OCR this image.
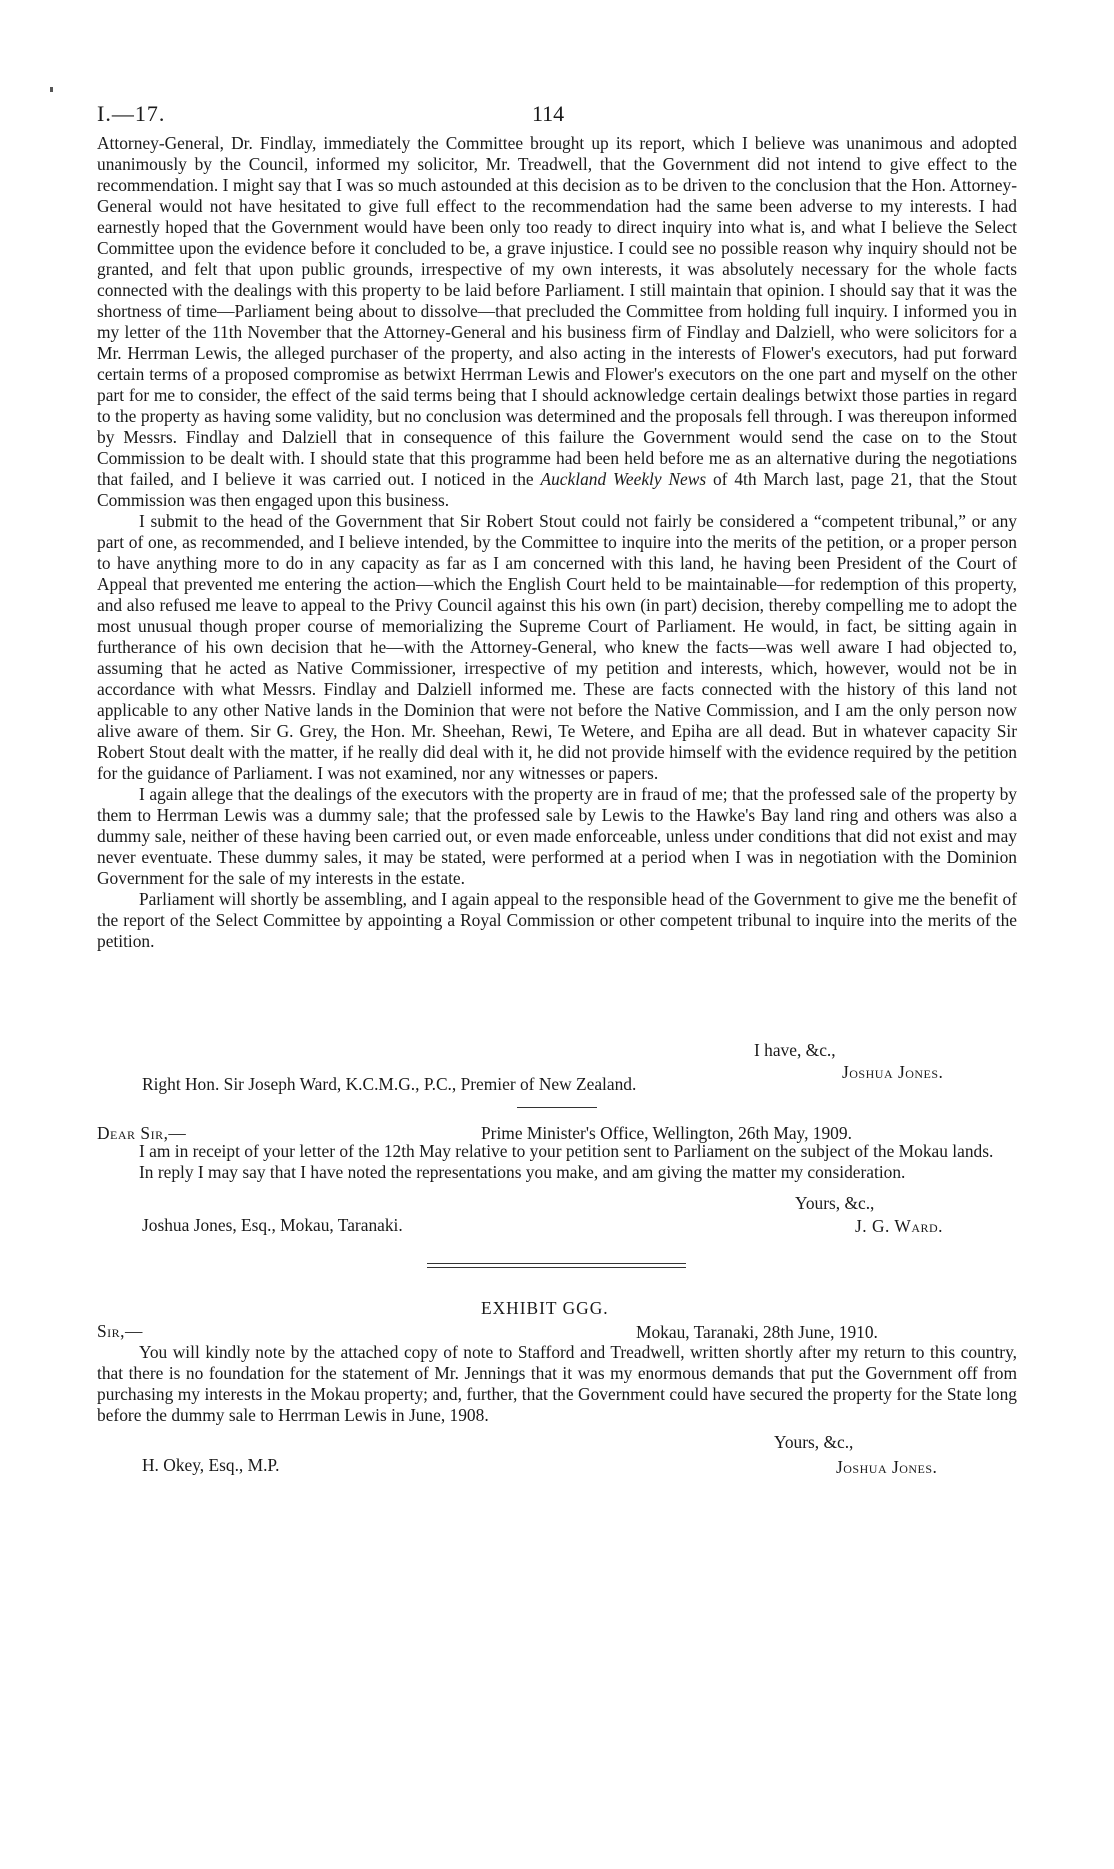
I.—17.	114

Attorney-General, Dr. Findlay, immediately the Committee brought up its report, which I believe was unanimous and adopted unanimously by the Council, informed my solicitor, Mr. Treadwell, that the Government did not intend to give effect to the recommendation. I might say that I was so much astounded at this decision as to be driven to the conclusion that the Hon. Attorney-General would not have hesitated to give full effect to the recommendation had the same been adverse to my interests. I had earnestly hoped that the Government would have been only too ready to direct inquiry into what is, and what I believe the Select Committee upon the evidence before it concluded to be, a grave injustice. I could see no possible reason why inquiry should not be granted, and felt that upon public grounds, irrespective of my own interests, it was absolutely necessary for the whole facts connected with the dealings with this property to be laid before Parliament. I still maintain that opinion. I should say that it was the shortness of time—Parliament being about to dissolve—that precluded the Committee from holding full inquiry. I informed you in my letter of the 11th November that the Attorney-General and his business firm of Findlay and Dalziell, who were solicitors for a Mr. Herrman Lewis, the alleged purchaser of the property, and also acting in the interests of Flower's executors, had put forward certain terms of a proposed compromise as betwixt Herrman Lewis and Flower's executors on the one part and myself on the other part for me to consider, the effect of the said terms being that I should acknowledge certain dealings betwixt those parties in regard to the property as having some validity, but no conclusion was determined and the proposals fell through. I was thereupon informed by Messrs. Findlay and Dalziell that in consequence of this failure the Government would send the case on to the Stout Commission to be dealt with. I should state that this programme had been held before me as an alternative during the negotiations that failed, and I believe it was carried out. I noticed in the Auckland Weekly News of 4th March last, page 21, that the Stout Commission was then engaged upon this business.

I submit to the head of the Government that Sir Robert Stout could not fairly be considered a “competent tribunal,” or any part of one, as recommended, and I believe intended, by the Committee to inquire into the merits of the petition, or a proper person to have anything more to do in any capacity as far as I am concerned with this land, he having been President of the Court of Appeal that prevented me entering the action—which the English Court held to be maintainable—for redemption of this property, and also refused me leave to appeal to the Privy Council against this his own (in part) decision, thereby compelling me to adopt the most unusual though proper course of memorializing the Supreme Court of Parliament. He would, in fact, be sitting again in furtherance of his own decision that he—with the Attorney-General, who knew the facts—was well aware I had objected to, assuming that he acted as Native Commissioner, irrespective of my petition and interests, which, however, would not be in accordance with what Messrs. Findlay and Dalziell informed me. These are facts connected with the history of this land not applicable to any other Native lands in the Dominion that were not before the Native Commission, and I am the only person now alive aware of them. Sir G. Grey, the Hon. Mr. Sheehan, Rewi, Te Wetere, and Epiha are all dead. But in whatever capacity Sir Robert Stout dealt with the matter, if he really did deal with it, he did not provide himself with the evidence required by the petition for the guidance of Parliament. I was not examined, nor any witnesses or papers.

I again allege that the dealings of the executors with the property are in fraud of me; that the professed sale of the property by them to Herrman Lewis was a dummy sale; that the professed sale by Lewis to the Hawke's Bay land ring and others was also a dummy sale, neither of these having been carried out, or even made enforceable, unless under conditions that did not exist and may never eventuate. These dummy sales, it may be stated, were performed at a period when I was in negotiation with the Dominion Government for the sale of my interests in the estate.

Parliament will shortly be assembling, and I again appeal to the responsible head of the Government to give me the benefit of the report of the Select Committee by appointing a Royal Commission or other competent tribunal to inquire into the merits of the petition.

I have, &c.,
Joshua Jones.
Right Hon. Sir Joseph Ward, K.C.M.G., P.C., Premier of New Zealand.
Dear Sir,—	Prime Minister's Office, Wellington, 26th May, 1909.

I am in receipt of your letter of the 12th May relative to your petition sent to Parliament on the subject of the Mokau lands.

In reply I may say that I have noted the representations you make, and am giving the matter my consideration.

Yours, &c.,
Joshua Jones, Esq., Mokau, Taranaki.	J. G. Ward.
EXHIBIT GGG.
Sir,—	Mokau, Taranaki, 28th June, 1910.

You will kindly note by the attached copy of note to Stafford and Treadwell, written shortly after my return to this country, that there is no foundation for the statement of Mr. Jennings that it was my enormous demands that put the Government off from purchasing my interests in the Mokau property; and, further, that the Government could have secured the property for the State long before the dummy sale to Herrman Lewis in June, 1908.

Yours, &c.,
H. Okey, Esq., M.P.	Joshua Jones.
